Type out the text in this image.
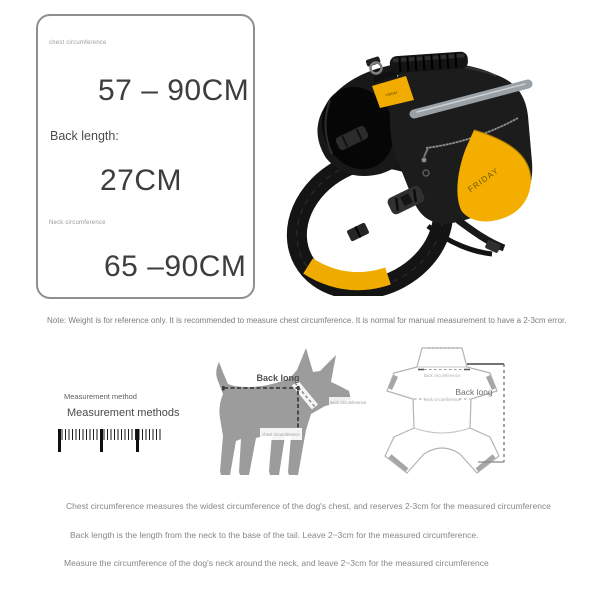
chest circumference
57 – 90CM
Back length:
27CM
Neck circumference
65 –90CM
FRIDAY
FRIDAY
Note: Weight is for reference only. It is recommended to measure chest circumference. It is normal for manual measurement to have a 2-3cm error.
Measurement method
Measurement methods
Back long
neck circumference
chest circumference
back circumference
Neck circumference
Back long
Chest circumference measures the widest circumference of the dog's chest, and reserves 2-3cm for the measured circumference
Back length is the length from the neck to the base of the tail. Leave 2~3cm for the measured circumference.
Measure the circumference of the dog's neck around the neck, and leave 2~3cm for the measured circumference
